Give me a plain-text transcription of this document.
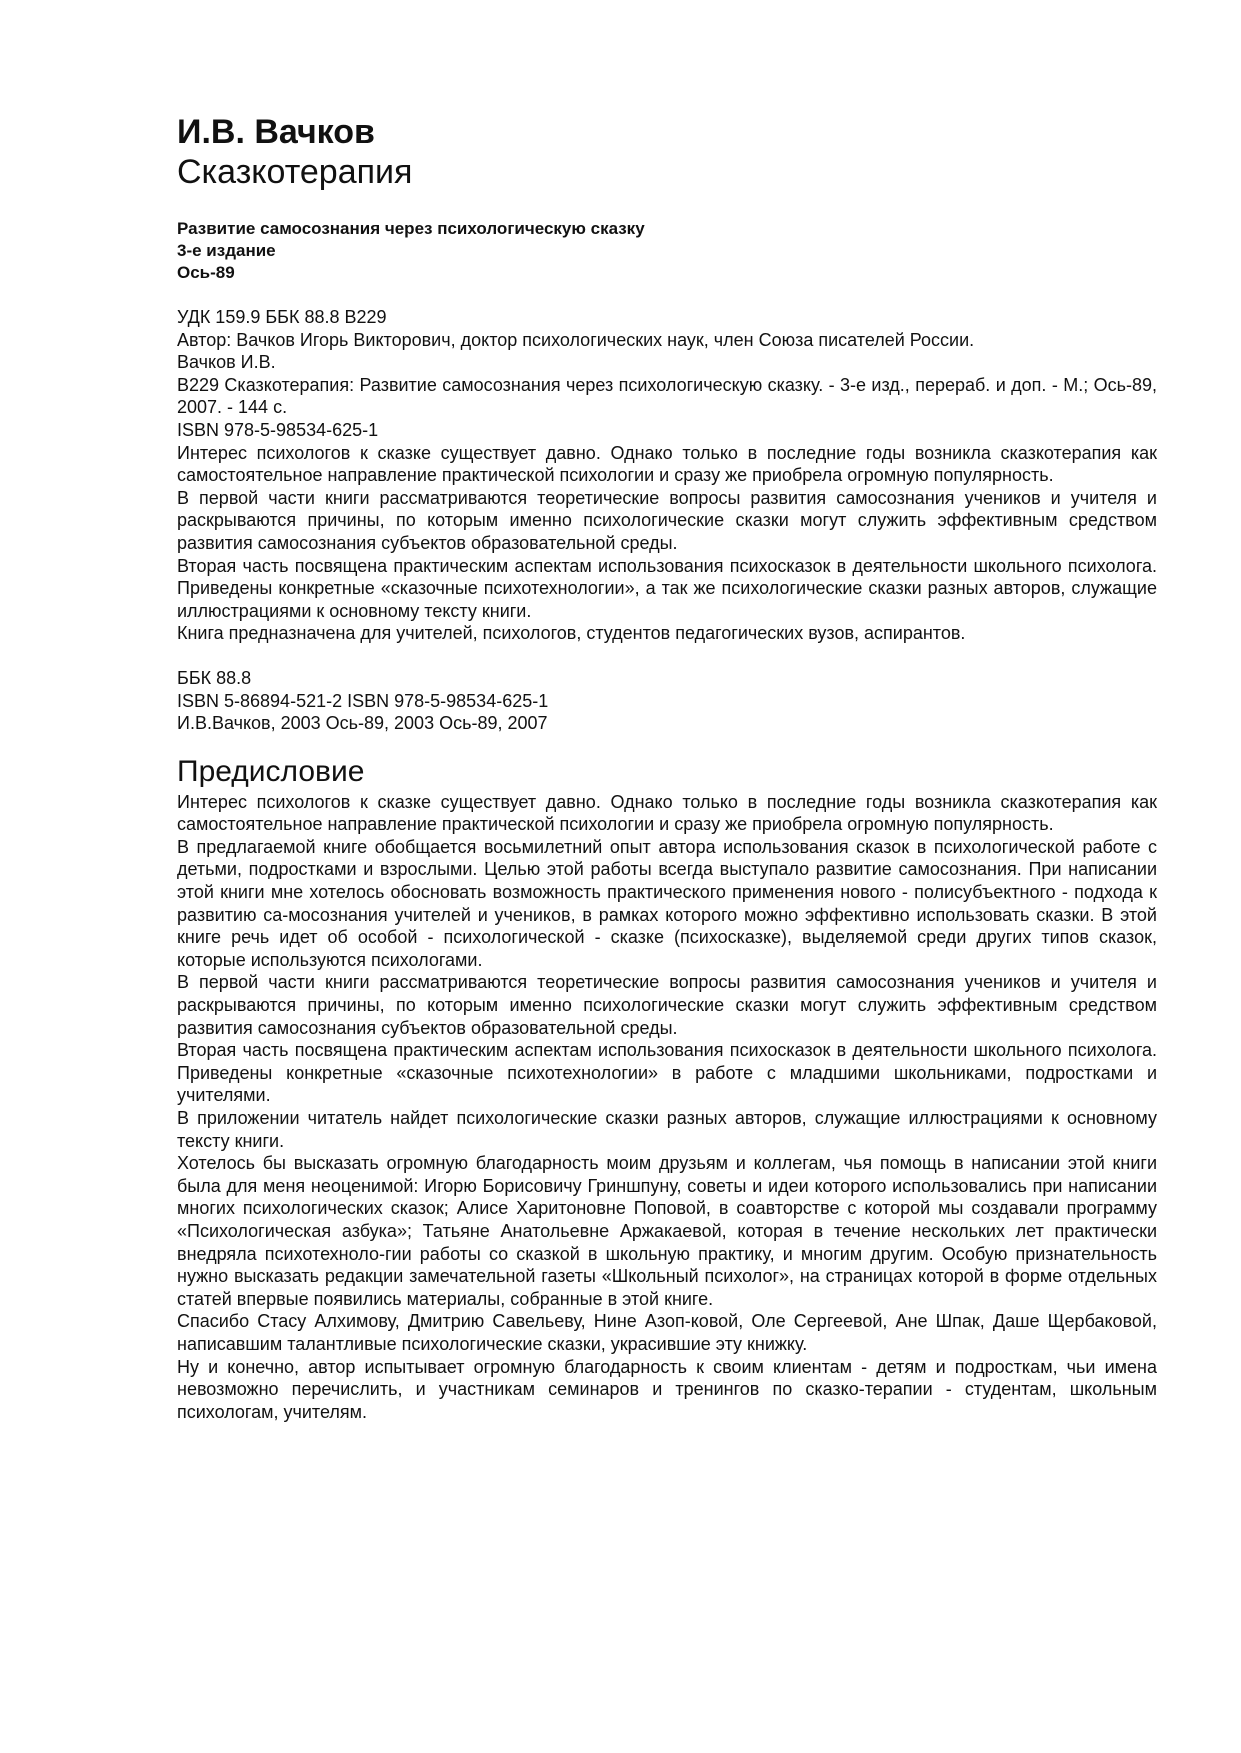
И.В. Вачков
Сказкотерапия

Развитие самосознания через психологическую сказку

3-е издание

Ось-89

УДК 159.9 ББК 88.8 В229

Автор: Вачков Игорь Викторович, доктор психологических наук, член Союза писателей России.

Вачков И.В.

В229 Сказкотерапия: Развитие самосознания через психологическую сказку. - 3-е изд., перераб. и доп. - М.; Ось-89, 2007. - 144 с.

ISBN 978-5-98534-625-1

Интерес психологов к сказке существует давно. Однако только в последние годы возникла сказкотерапия как самостоятельное направление практической психологии и сразу же приобрела огромную популярность.

В первой части книги рассматриваются теоретические вопросы развития самосознания учеников и учителя и раскрываются причины, по которым именно психологические сказки могут служить эффективным средством развития самосознания субъектов образовательной среды.

Вторая часть посвящена практическим аспектам использования психосказок в деятельности школьного психолога. Приведены конкретные «сказочные психотехнологии», а так же психологические сказки разных авторов, служащие иллюстрациями к основному тексту книги.

Книга предназначена для учителей, психологов, студентов педагогических вузов, аспирантов.

ББК 88.8

ISBN 5-86894-521-2 ISBN 978-5-98534-625-1

И.В.Вачков, 2003 Ось-89, 2003 Ось-89, 2007

Предисловие

Интерес психологов к сказке существует давно. Однако только в последние годы возникла сказкотерапия как самостоятельное направление практической психологии и сразу же приобрела огромную популярность.

В предлагаемой книге обобщается восьмилетний опыт автора использования сказок в психологической работе с детьми, подростками и взрослыми. Целью этой работы всегда выступало развитие самосознания. При написании этой книги мне хотелось обосновать возможность практического применения нового - полисубъектного - подхода к развитию са-мосознания учителей и учеников, в рамках которого можно эффективно использовать сказки. В этой книге речь идет об особой - психологической - сказке (психосказке), выделяемой среди других типов сказок, которые используются психологами.

В первой части книги рассматриваются теоретические вопросы развития самосознания учеников и учителя и раскрываются причины, по которым именно психологические сказки могут служить эффективным средством развития самосознания субъектов образовательной среды.

Вторая часть посвящена практическим аспектам использования психосказок в деятельности школьного психолога. Приведены конкретные «сказочные психотехнологии» в работе с младшими школьниками, подростками и учителями.

В приложении читатель найдет психологические сказки разных авторов, служащие иллюстрациями к основному тексту книги.

Хотелось бы высказать огромную благодарность моим друзьям и коллегам, чья помощь в написании этой книги была для меня неоценимой: Игорю Борисовичу Гриншпуну, советы и идеи которого использовались при написании многих психологических сказок; Алисе Харитоновне Поповой, в соавторстве с которой мы создавали программу «Психологическая азбука»; Татьяне Анатольевне Аржакаевой, которая в течение нескольких лет практически внедряла психотехноло-гии работы со сказкой в школьную практику, и многим другим. Особую признательность нужно высказать редакции замечательной газеты «Школьный психолог», на страницах которой в форме отдельных статей впервые появились материалы, собранные в этой книге.

Спасибо Стасу Алхимову, Дмитрию Савельеву, Нине Азоп-ковой, Оле Сергеевой, Ане Шпак, Даше Щербаковой, написавшим талантливые психологические сказки, украсившие эту книжку.

Ну и конечно, автор испытывает огромную благодарность к своим клиентам - детям и подросткам, чьи имена невозможно перечислить, и участникам семинаров и тренингов по сказко-терапии - студентам, школьным психологам, учителям.
